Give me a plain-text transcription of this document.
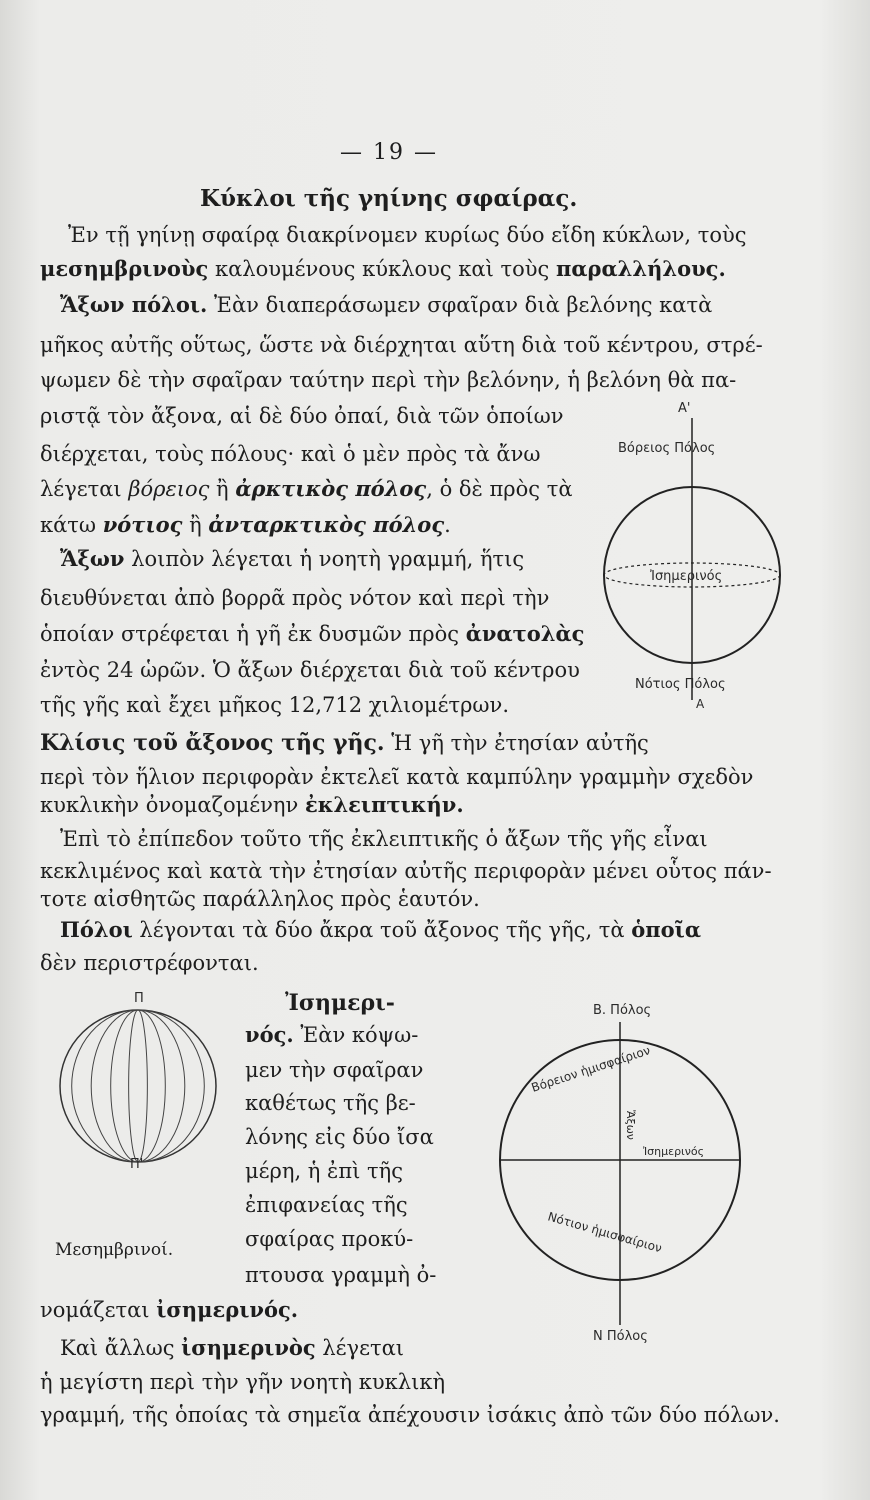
— 19 —
Κύκλοι τῆς γηίνης σφαίρας.
Ἐν τῇ γηίνῃ σφαίρᾳ διακρίνομεν κυρίως δύο εἴδη κύκλων, τοὺς
μεσημβρινοὺς καλουμένους κύκλους καὶ τοὺς παραλλήλους.
Ἄξων πόλοι. Ἐὰν διαπεράσωμεν σφαῖραν διὰ βελόνης κατὰ
μῆκος αὐτῆς οὕτως, ὥστε νὰ διέρχηται αὕτη διὰ τοῦ κέντρου, στρέ-
ψωμεν δὲ τὴν σφαῖραν ταύτην περὶ τὴν βελόνην, ἡ βελόνη θὰ πα-
ριστᾷ τὸν ἄξονα, αἱ δὲ δύο ὀπαί, διὰ τῶν ὁποίων
διέρχεται, τοὺς πόλους· καὶ ὁ μὲν πρὸς τὰ ἄνω
λέγεται βόρειος ἢ ἀρκτικὸς πόλος, ὁ δὲ πρὸς τὰ
κάτω νότιος ἢ ἀνταρκτικὸς πόλος.
Ἄξων λοιπὸν λέγεται ἡ νοητὴ γραμμή, ἥτις
διευθύνεται ἀπὸ βορρᾶ πρὸς νότον καὶ περὶ τὴν
ὁποίαν στρέφεται ἡ γῆ ἐκ δυσμῶν πρὸς ἀνατολὰς
ἐντὸς 24 ὡρῶν. Ὁ ἄξων διέρχεται διὰ τοῦ κέντρου
τῆς γῆς καὶ ἔχει μῆκος 12,712 χιλιομέτρων.
Κλίσις τοῦ ἄξονος τῆς γῆς. Ἡ γῆ τὴν ἐτησίαν αὐτῆς
περὶ τὸν ἥλιον περιφορὰν ἐκτελεῖ κατὰ καμπύλην γραμμὴν σχεδὸν
κυκλικὴν ὀνομαζομένην ἐκλειπτικήν.
Ἐπὶ τὸ ἐπίπεδον τοῦτο τῆς ἐκλειπτικῆς ὁ ἄξων τῆς γῆς εἶναι
κεκλιμένος καὶ κατὰ τὴν ἐτησίαν αὐτῆς περιφορὰν μένει οὗτος πάν-
τοτε αἰσθητῶς παράλληλος πρὸς ἑαυτόν.
Πόλοι λέγονται τὰ δύο ἄκρα τοῦ ἄξονος τῆς γῆς, τὰ ὁποῖα
δὲν περιστρέφονται.
Ἰσημερι-
νός. Ἐὰν κόψω-
μεν τὴν σφαῖραν
καθέτως τῆς βε-
λόνης εἰς δύο ἴσα
μέρη, ἡ ἐπὶ τῆς
ἐπιφανείας τῆς
σφαίρας προκύ-
πτουσα γραμμὴ ὀ-
νομάζεται ἰσημερινός.
Καὶ ἄλλως ἰσημερινὸς λέγεται
ἡ μεγίστη περὶ τὴν γῆν νοητὴ κυκλικὴ
γραμμή, τῆς ὁποίας τὰ σημεῖα ἀπέχουσιν ἰσάκις ἀπὸ τῶν δύο πόλων.
Α'
Βόρειος Πόλος
Ἰσημερινός
Νότιος Πόλος
Α
Π
Π'
Μεσημβρινοί.
Β. Πόλος
Βόρειον ἡμισφαίριον
Ἄξων
Ἰσημερινός
Νότιον ἡμισφαίριον
Ν Πόλος
